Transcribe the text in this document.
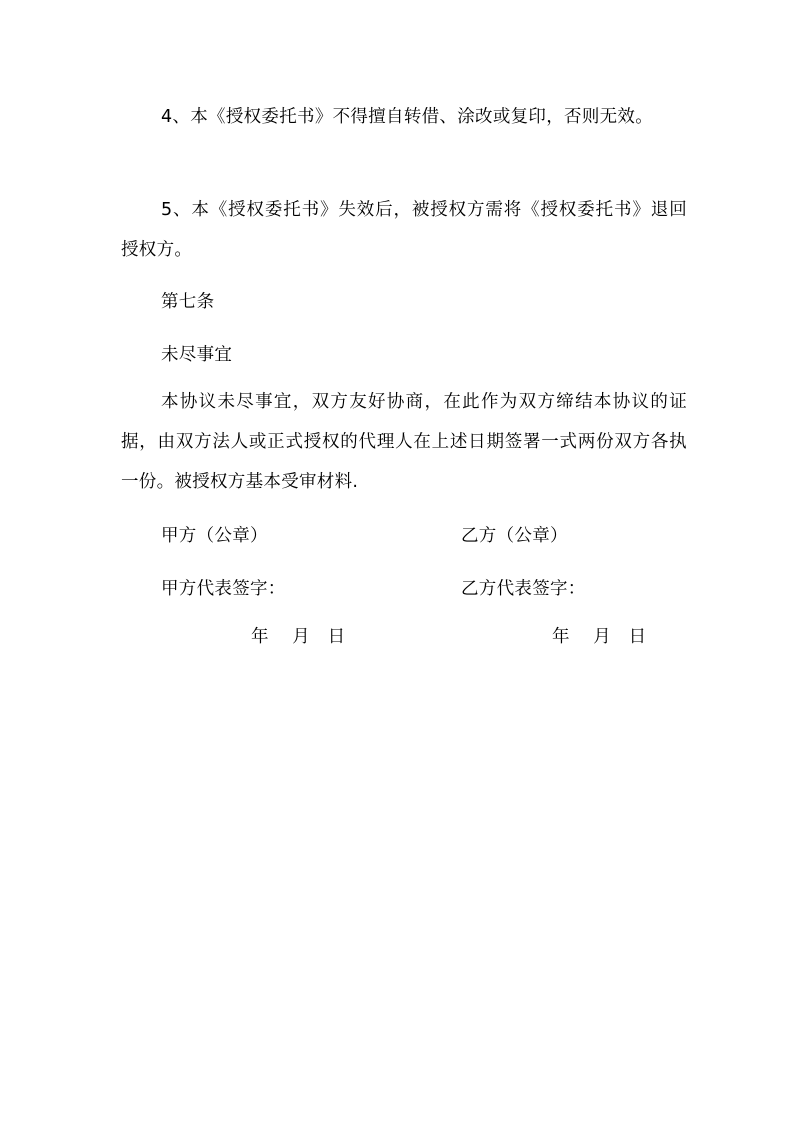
4、本《授权委托书》不得擅自转借、涂改或复印，否则无效。

5、本《授权委托书》失效后，被授权方需将《授权委托书》退回授权方。

第七条

未尽事宜

本协议未尽事宜，双方友好协商，在此作为双方缔结本协议的证据，由双方法人或正式授权的代理人在上述日期签署一式两份双方各执一份。被授权方基本受审材料.

甲方（公章）	乙方（公章）
甲方代表签字：	乙方代表签字：
年    月   日	年    月   日
